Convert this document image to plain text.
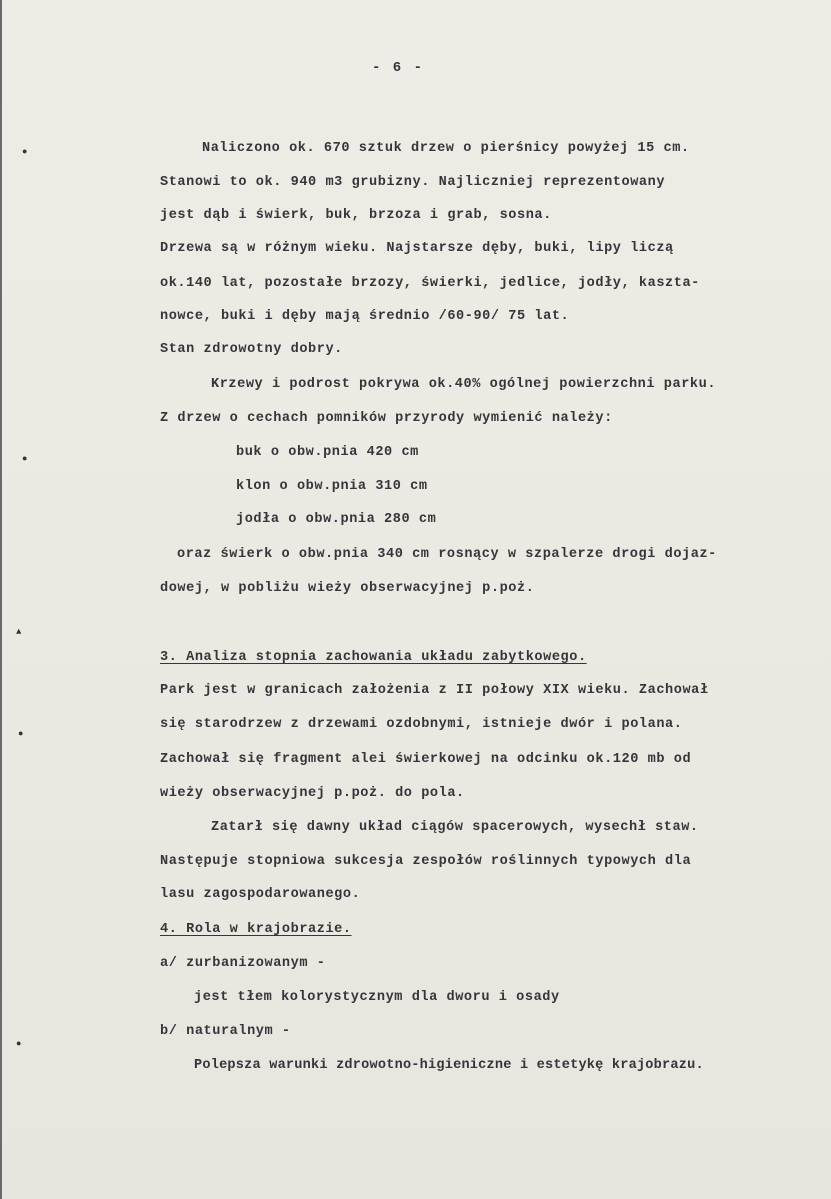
●
●
▲
●
●
- 6 -
Naliczono ok. 670 sztuk drzew o pierśnicy powyżej 15 cm.
Stanowi to ok. 940 m3 grubizny. Najliczniej reprezentowany
jest dąb i świerk, buk, brzoza i grab, sosna.
Drzewa są w różnym wieku. Najstarsze dęby, buki, lipy liczą
ok.140 lat, pozostałe brzozy, świerki, jedlice, jodły, kaszta-
nowce, buki i dęby mają średnio /60-90/ 75 lat.
Stan zdrowotny dobry.
Krzewy i podrost pokrywa ok.40% ogólnej powierzchni parku.
Z drzew o cechach pomników przyrody wymienić należy:
buk o obw.pnia 420 cm
klon o obw.pnia 310 cm
jodła o obw.pnia 280 cm
oraz świerk o obw.pnia 340 cm rosnący w szpalerze drogi dojaz-
dowej, w pobliżu wieży obserwacyjnej p.poż.
3. Analiza stopnia zachowania układu zabytkowego.
Park jest w granicach założenia z II połowy XIX wieku. Zachował
się starodrzew z drzewami ozdobnymi, istnieje dwór i polana.
Zachował się fragment alei świerkowej na odcinku ok.120 mb od
wieży obserwacyjnej p.poż. do pola.
Zatarł się dawny układ ciągów spacerowych, wysechł staw.
Następuje stopniowa sukcesja zespołów roślinnych typowych dla
lasu zagospodarowanego.
4. Rola w krajobrazie.
a/ zurbanizowanym -
jest tłem kolorystycznym dla dworu i osady
b/ naturalnym -
Polepsza warunki zdrowotno-higieniczne i estetykę krajobrazu.
